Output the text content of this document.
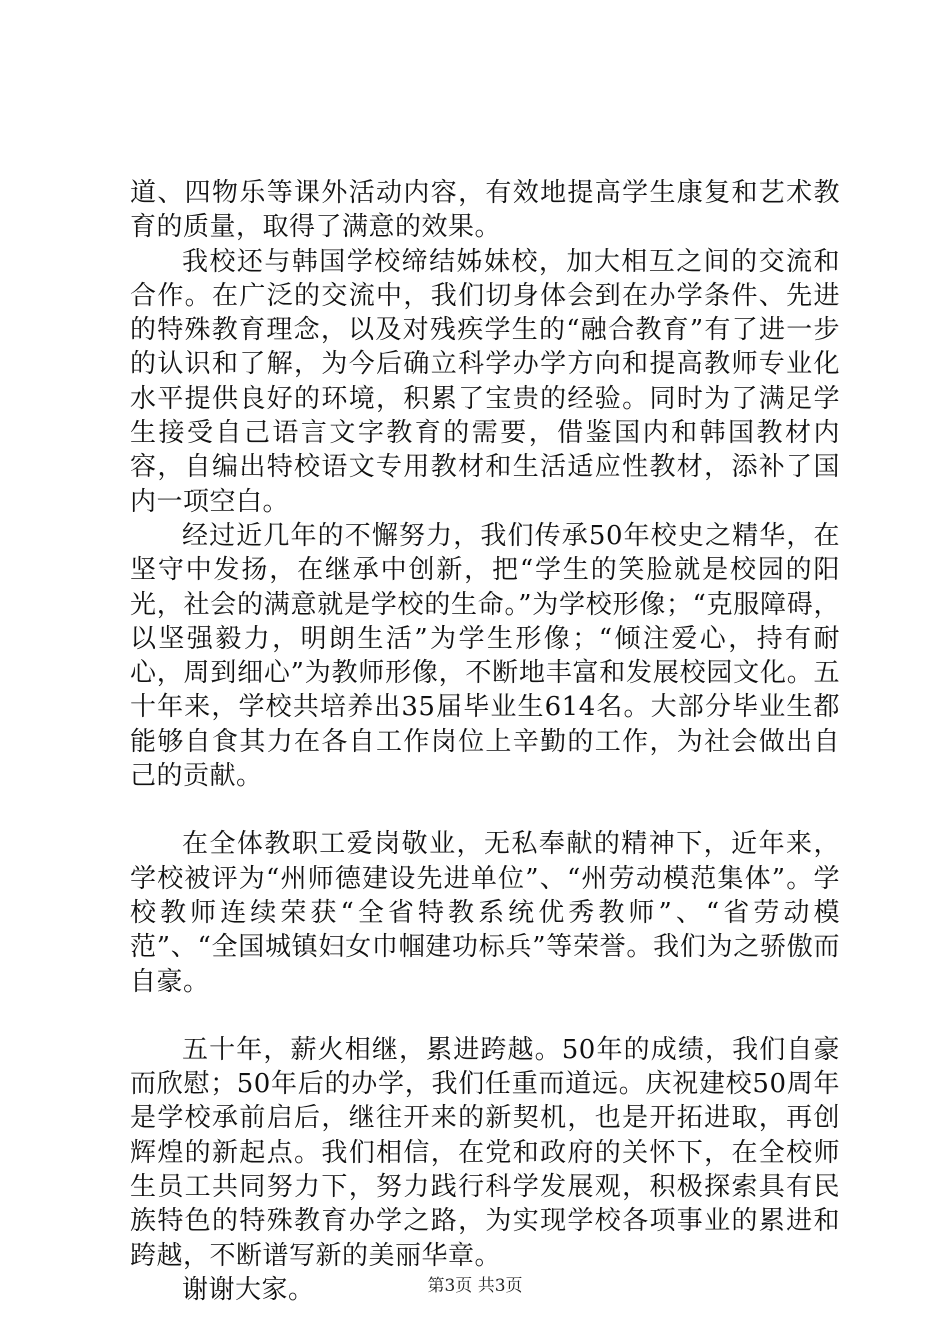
道、四物乐等课外活动内容，有效地提高学生康复和艺术教育的质量，取得了满意的效果。

我校还与韩国学校缔结姊妹校，加大相互之间的交流和合作。在广泛的交流中，我们切身体会到在办学条件、先进的特殊教育理念，以及对残疾学生的“融合教育”有了进一步的认识和了解，为今后确立科学办学方向和提高教师专业化水平提供良好的环境，积累了宝贵的经验。同时为了满足学生接受自己语言文字教育的需要，借鉴国内和韩国教材内容，自编出特校语文专用教材和生活适应性教材，添补了国内一项空白。

经过近几年的不懈努力，我们传承50年校史之精华，在坚守中发扬，在继承中创新，把“学生的笑脸就是校园的阳光，社会的满意就是学校的生命。”为学校形像；“克服障碍，以坚强毅力，明朗生活”为学生形像；“倾注爱心，持有耐心，周到细心”为教师形像，不断地丰富和发展校园文化。五十年来，学校共培养出35届毕业生614名。大部分毕业生都能够自食其力在各自工作岗位上辛勤的工作，为社会做出自己的贡献。

在全体教职工爱岗敬业，无私奉献的精神下，近年来，学校被评为“州师德建设先进单位”、“州劳动模范集体”。学校教师连续荣获“全省特教系统优秀教师”、“省劳动模范”、“全国城镇妇女巾帼建功标兵”等荣誉。我们为之骄傲而自豪。

五十年，薪火相继，累进跨越。50年的成绩，我们自豪而欣慰；50年后的办学，我们任重而道远。庆祝建校50周年是学校承前启后，继往开来的新契机，也是开拓进取，再创辉煌的新起点。我们相信，在党和政府的关怀下，在全校师生员工共同努力下，努力践行科学发展观，积极探索具有民族特色的特殊教育办学之路，为实现学校各项事业的累进和跨越，不断谱写新的美丽华章。

谢谢大家。	第3页 共3页
